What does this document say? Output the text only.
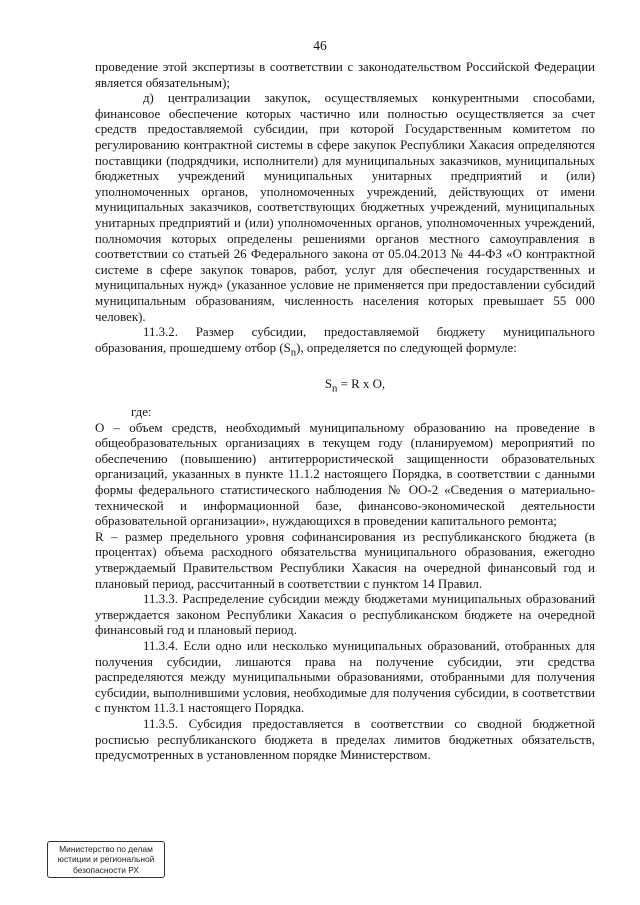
46

проведение этой экспертизы в соответствии с законодательством Российской Федерации является обязательным);

д) централизации закупок, осуществляемых конкурентными способами, финансовое обеспечение которых частично или полностью осуществляется за счет средств предоставляемой субсидии, при которой Государственным комитетом по регулированию контрактной системы в сфере закупок Республики Хакасия определяются поставщики (подрядчики, исполнители) для муниципальных заказчиков, муниципальных бюджетных учреждений муниципальных унитарных предприятий и (или) уполномоченных органов, уполномоченных учреждений, действующих от имени муниципальных заказчиков, соответствующих бюджетных учреждений, муниципальных унитарных предприятий и (или) уполномоченных органов, уполномоченных учреждений, полномочия которых определены решениями органов местного самоуправления в соответствии со статьей 26 Федерального закона от 05.04.2013 № 44-ФЗ «О контрактной системе в сфере закупок товаров, работ, услуг для обеспечения государственных и муниципальных нужд» (указанное условие не применяется при предоставлении субсидий муниципальным образованиям, численность населения которых превышает 55 000 человек).

11.3.2. Размер субсидии, предоставляемой бюджету муниципального образования, прошедшему отбор $(S_n)$, определяется по следующей формуле:

$S_n = R$ x O,

где:

O – объем средств, необходимый муниципальному образованию на проведение в общеобразовательных организациях в текущем году (планируемом) мероприятий по обеспечению (повышению) антитеррористической защищенности образовательных организаций, указанных в пункте 11.1.2 настоящего Порядка, в соответствии с данными формы федерального статистического наблюдения № ОО-2 «Сведения о материально-технической и информационной базе, финансово-экономической деятельности образовательной организации», нуждающихся в проведении капитального ремонта;

R – размер предельного уровня софинансирования из республиканского бюджета (в процентах) объема расходного обязательства муниципального образования, ежегодно утверждаемый Правительством Республики Хакасия на очередной финансовый год и плановый период, рассчитанный в соответствии с пунктом 14 Правил.

11.3.3. Распределение субсидии между бюджетами муниципальных образований утверждается законом Республики Хакасия о республиканском бюджете на очередной финансовый год и плановый период.

11.3.4. Если одно или несколько муниципальных образований, отобранных для получения субсидии, лишаются права на получение субсидии, эти средства распределяются между муниципальными образованиями, отобранными для получения субсидии, выполнившими условия, необходимые для получения субсидии, в соответствии с пунктом 11.3.1 настоящего Порядка.

11.3.5. Субсидия предоставляется в соответствии со сводной бюджетной росписью республиканского бюджета в пределах лимитов бюджетных обязательств, предусмотренных в установленном порядке Министерством.

Министерство по делам
юстиции и региональной
безопасности РХ
